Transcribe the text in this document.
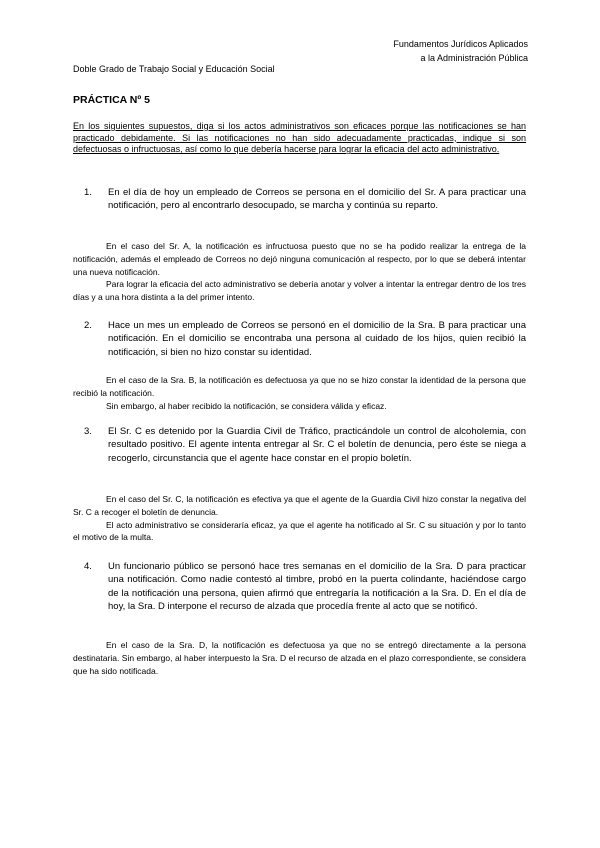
Fundamentos Jurídicos Aplicados
a la Administración Pública
Doble Grado de Trabajo Social y Educación Social
PRÁCTICA Nº 5
En los siguientes supuestos, diga si los actos administrativos son eficaces porque las notificaciones se han practicado debidamente. Si las notificaciones no han sido adecuadamente practicadas, indique si son defectuosas o infructuosas, así como lo que debería hacerse para lograr la eficacia del acto administrativo.
1. En el día de hoy un empleado de Correos se persona en el domicilio del Sr. A para practicar una notificación, pero al encontrarlo desocupado, se marcha y continúa su reparto.

En el caso del Sr. A, la notificación es infructuosa puesto que no se ha podido realizar la entrega de la notificación, además el empleado de Correos no dejó ninguna comunicación al respecto, por lo que se deberá intentar una nueva notificación.

Para lograr la eficacia del acto administrativo se debería anotar y volver a intentar la entregar dentro de los tres días y a una hora distinta a la del primer intento.

2. Hace un mes un empleado de Correos se personó en el domicilio de la Sra. B para practicar una notificación. En el domicilio se encontraba una persona al cuidado de los hijos, quien recibió la notificación, si bien no hizo constar su identidad.

En el caso de la Sra. B, la notificación es defectuosa ya que no se hizo constar la identidad de la persona que recibió la notificación.

Sin embargo, al haber recibido la notificación, se considera válida y eficaz.

3. El Sr. C es detenido por la Guardia Civil de Tráfico, practicándole un control de alcoholemia, con resultado positivo. El agente intenta entregar al Sr. C el boletín de denuncia, pero éste se niega a recogerlo, circunstancia que el agente hace constar en el propio boletín.

En el caso del Sr. C, la notificación es efectiva ya que el agente de la Guardia Civil hizo constar la negativa del Sr. C a recoger el boletín de denuncia.

El acto administrativo se consideraría eficaz, ya que el agente ha notificado al Sr. C su situación y por lo tanto el motivo de la multa.

4. Un funcionario público se personó hace tres semanas en el domicilio de la Sra. D para practicar una notificación. Como nadie contestó al timbre, probó en la puerta colindante, haciéndose cargo de la notificación una persona, quien afirmó que entregaría la notificación a la Sra. D. En el día de hoy, la Sra. D interpone el recurso de alzada que procedía frente al acto que se notificó.

En el caso de la Sra. D, la notificación es defectuosa ya que no se entregó directamente a la persona destinataria. Sin embargo, al haber interpuesto la Sra. D el recurso de alzada en el plazo correspondiente, se considera que ha sido notificada.
